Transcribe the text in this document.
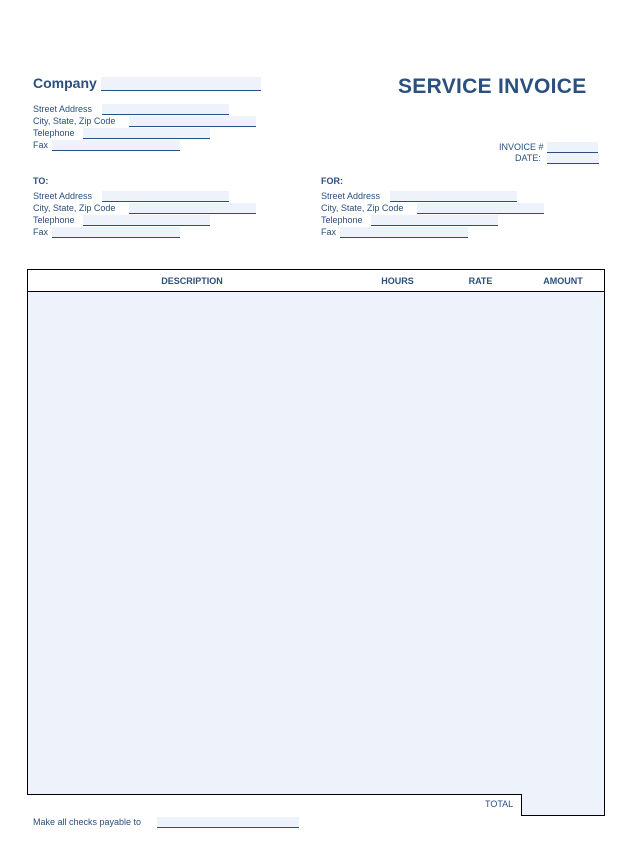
Company	SERVICE INVOICE
Street Address
City, State, Zip Code
Telephone
Fax	INVOICE #
DATE:
TO:
Street Address
City, State, Zip Code
Telephone
Fax
FOR:
Street Address
City, State, Zip Code
Telephone
Fax
DESCRIPTION	HOURS	RATE	AMOUNT
TOTAL
Make all checks payable to
